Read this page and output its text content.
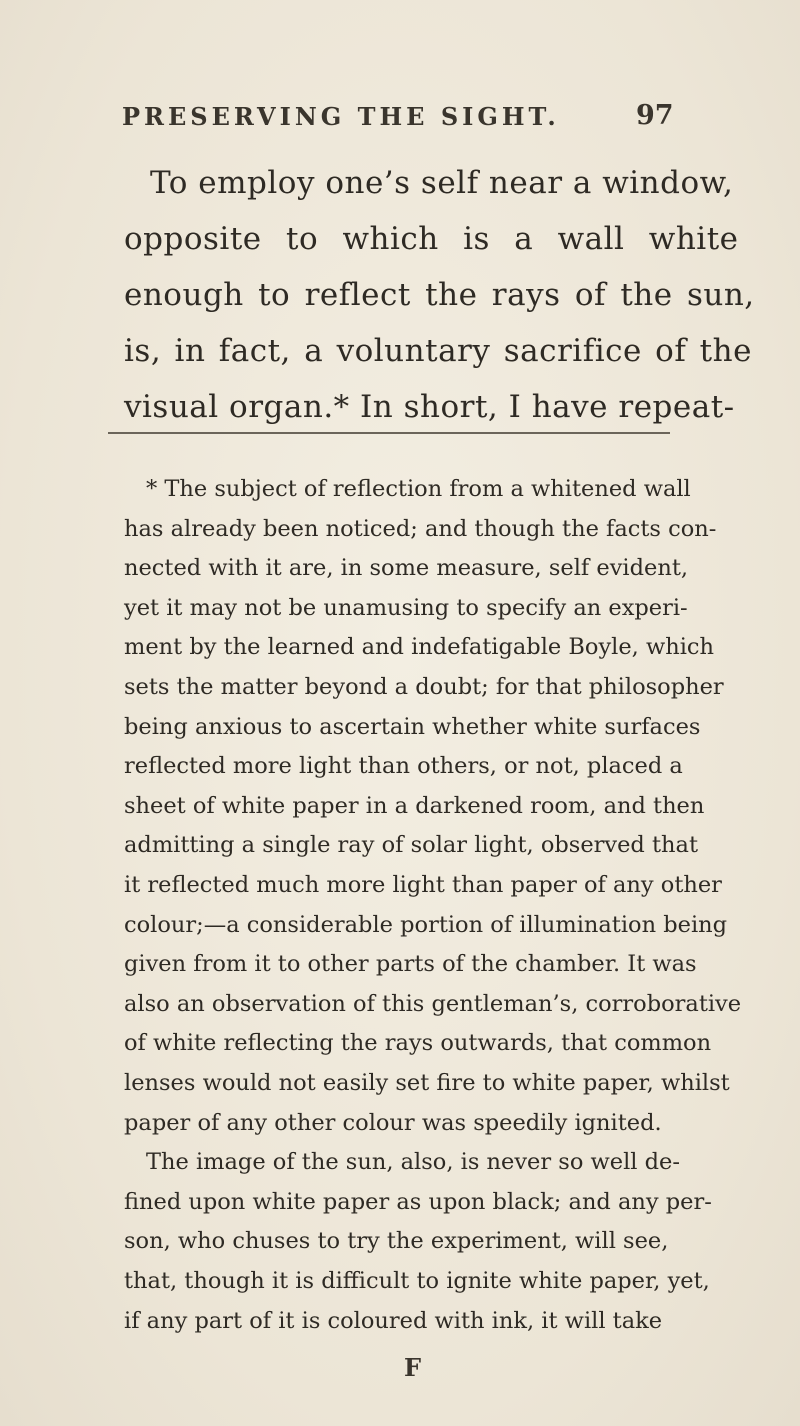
PRESERVING THE SIGHT.	97
To employ one’s self near a window,
opposite to which is a wall white
enough to reflect the rays of the sun,
is, in fact, a voluntary sacrifice of the
visual organ.* In short, I have repeat-
* The subject of reflection from a whitened wall
has already been noticed; and though the facts con-
nected with it are, in some measure, self evident,
yet it may not be unamusing to specify an experi-
ment by the learned and indefatigable Boyle, which
sets the matter beyond a doubt; for that philosopher
being anxious to ascertain whether white surfaces
reflected more light than others, or not, placed a
sheet of white paper in a darkened room, and then
admitting a single ray of solar light, observed that
it reflected much more light than paper of any other
colour;—a considerable portion of illumination being
given from it to other parts of the chamber. It was
also an observation of this gentleman’s, corroborative
of white reflecting the rays outwards, that common
lenses would not easily set fire to white paper, whilst
paper of any other colour was speedily ignited.
The image of the sun, also, is never so well de-
fined upon white paper as upon black; and any per-
son, who chuses to try the experiment, will see,
that, though it is difficult to ignite white paper, yet,
if any part of it is coloured with ink, it will take
F
